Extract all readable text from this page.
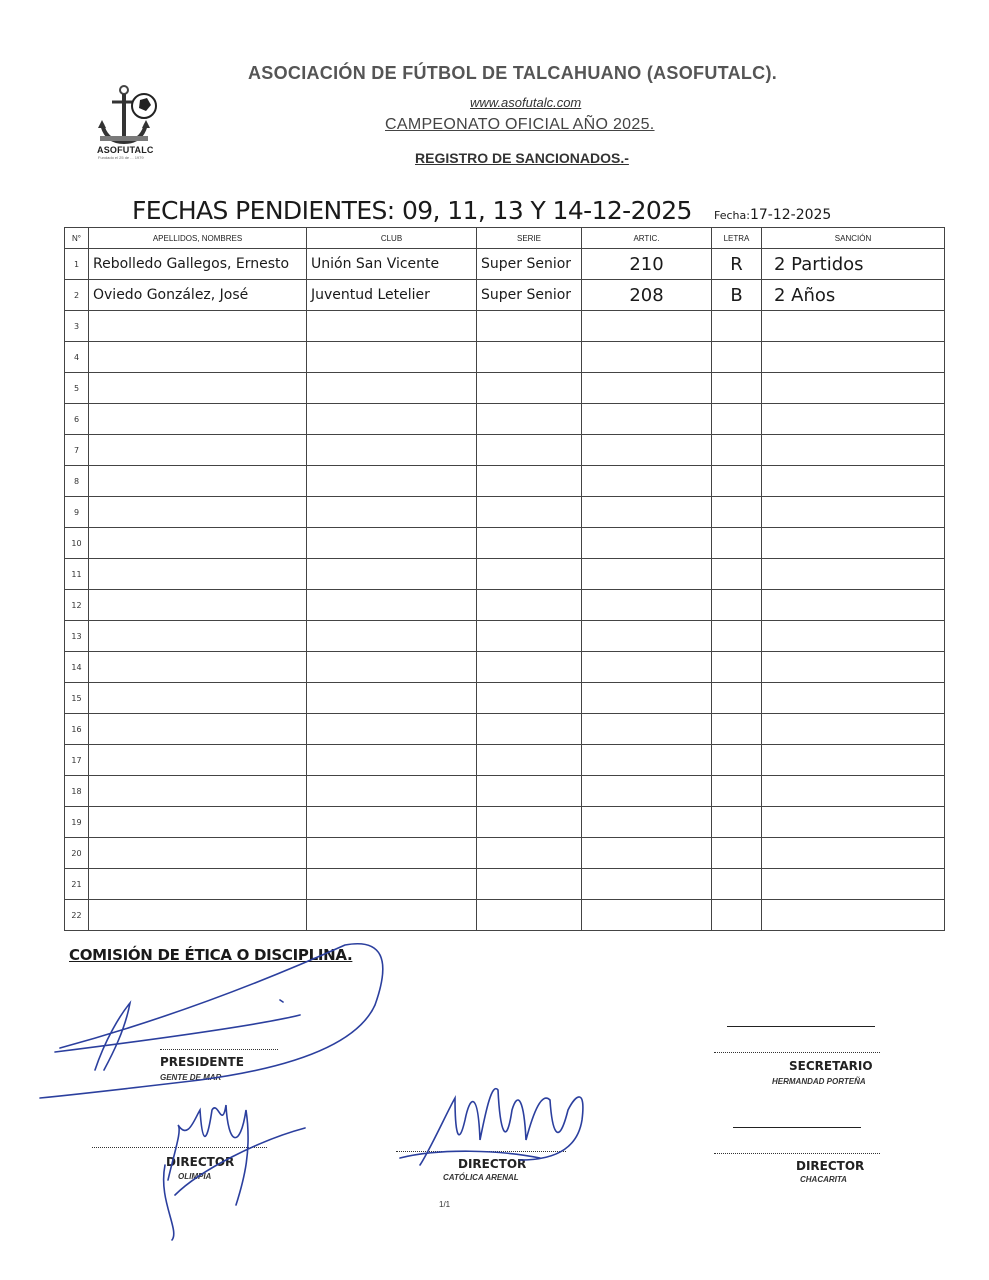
ASOFUTALC
Fundado el 25 de ... 1979
ASOCIACIÓN DE FÚTBOL DE TALCAHUANO (ASOFUTALC).
www.asofutalc.com
CAMPEONATO OFICIAL AÑO 2025.
REGISTRO DE SANCIONADOS.-
FECHAS PENDIENTES: 09, 11, 13 Y 14-12-2025 Fecha:17-12-2025
N°	APELLIDOS, NOMBRES	CLUB	SERIE	ARTIC.	LETRA	SANCIÓN
1	Rebolledo Gallegos, Ernesto	Unión San Vicente	Super Senior	210	R	2 Partidos
2	Oviedo González, José	Juventud Letelier	Super Senior	208	B	2 Años
3						
4						
5						
6						
7						
8						
9						
10						
11						
12						
13						
14						
15						
16						
17						
18						
19						
20						
21						
22						
COMISIÓN DE ÉTICA O DISCIPLINA.
PRESIDENTE
GENTE DE MAR
SECRETARIO
HERMANDAD PORTEÑA
DIRECTOR
OLIMPIA
DIRECTOR
CATÓLICA ARENAL
DIRECTOR
CHACARITA
1/1
